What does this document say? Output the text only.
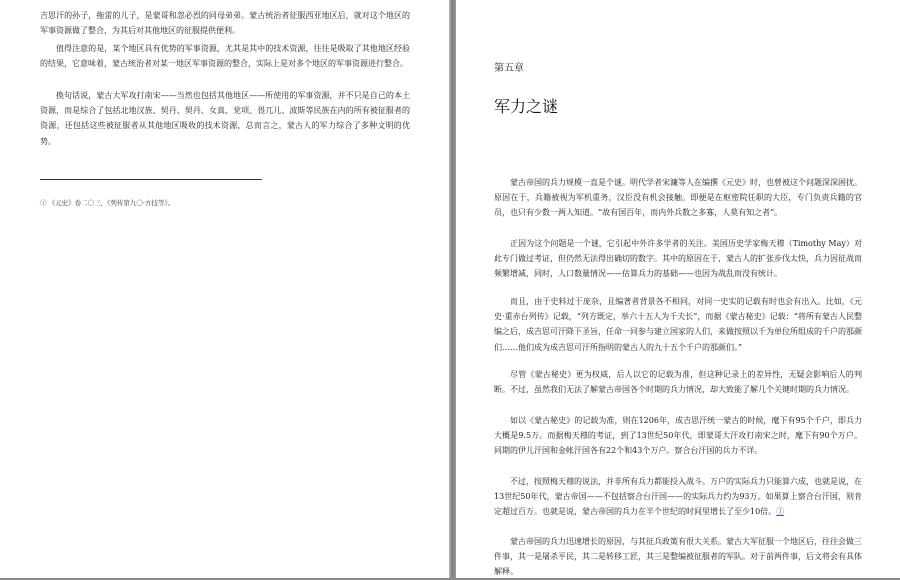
吉思汗的孙子，拖雷的儿子，是蒙哥和忽必烈的同母弟弟。蒙古统治者征服西亚地区后，就对这个地区的军事资源做了整合，为其后对其他地区的征服提供便利。

值得注意的是，某个地区具有优势的军事资源，尤其是其中的技术资源，往往是吸取了其他地区经验的结果，它意味着，蒙古统治者对某一地区军事资源的整合，实际上是对多个地区的军事资源进行整合。

换句话说，蒙古大军攻打南宋——当然也包括其他地区——所使用的军事资源，并不只是自己的本土资源，而是综合了包括北地汉族、契丹、契丹、女真、党项、畏兀儿、波斯等民族在内的所有被征服者的资源，还包括这些被征服者从其他地区吸收的技术资源，总而言之，蒙古人的军力综合了多种文明的优势。

① 《元史》卷二〇三，《列传第九〇·方技等》。

第五章
军力之谜

蒙古帝国的兵力规模一直是个谜。明代学者宋濂等人在编撰《元史》时，也曾被这个问题深深困扰。原因在于，兵籍被视为军机重务，汉臣没有机会接触。即便是在枢密院任职的大臣，专门负责兵籍的官员，也只有少数一两人知道。“故有国百年，而内外兵数之多寡，人莫有知之者”。

正因为这个问题是一个谜，它引起中外许多学者的关注。美国历史学家梅天穆（Timothy May）对此专门做过考证，但仍然无法得出确切的数字。其中的原因在于，蒙古人的扩张步伐太快，兵力因征战而频繁增减，同时，人口数量情况——估算兵力的基础——也因为战乱而没有统计。

而且，由于史料过于庞杂，且编著者背景各不相同，对同一史实的记载有时也会有出入。比如，《元史·重赤台列传》记载，“列方既定，举六十五人为千夫长”，而据《蒙古秘史》记载：“将所有蒙古人民整编之后，成吉思可汗降下圣旨，任命一同参与建立国家的人们，来做按照以千为单位所组成的千户的那颜们……他们成为成吉思可汗所指明的蒙古人的九十五个千户的那颜们。”

尽管《蒙古秘史》更为权威，后人以它的记载为准，但这种记录上的差异性，无疑会影响后人的判断。不过，虽然我们无法了解蒙古帝国各个时期的兵力情况，却大致能了解几个关键时期的兵力情况。

如以《蒙古秘史》的记载为准，则在1206年，成吉思汗统一蒙古的时候，麾下有95个千户，即兵力大概是9.5万。而据梅天穆的考证，到了13世纪50年代，即蒙哥大汗攻打南宋之时，麾下有90个万户。同期的伊儿汗国和金帐汗国各有22个和43个万户。察合台汗国的兵力不详。

不过，按照梅天穆的说法，并非所有兵力都能投入战斗。万户的实际兵力只能算六成，也就是说，在13世纪50年代，蒙古帝国——不包括察合台汗国——的实际兵力约为93万。如果算上察合台汗国，则肯定超过百万。也就是说，蒙古帝国的兵力在半个世纪的时间里增长了至少10倍。①

蒙古帝国的兵力迅速增长的原因，与其征兵政策有很大关系。蒙古大军征服一个地区后，往往会做三件事，其一是屠杀平民，其二是转移工匠，其三是整编被征服者的军队。对于前两件事，后文将会有具体解释。
